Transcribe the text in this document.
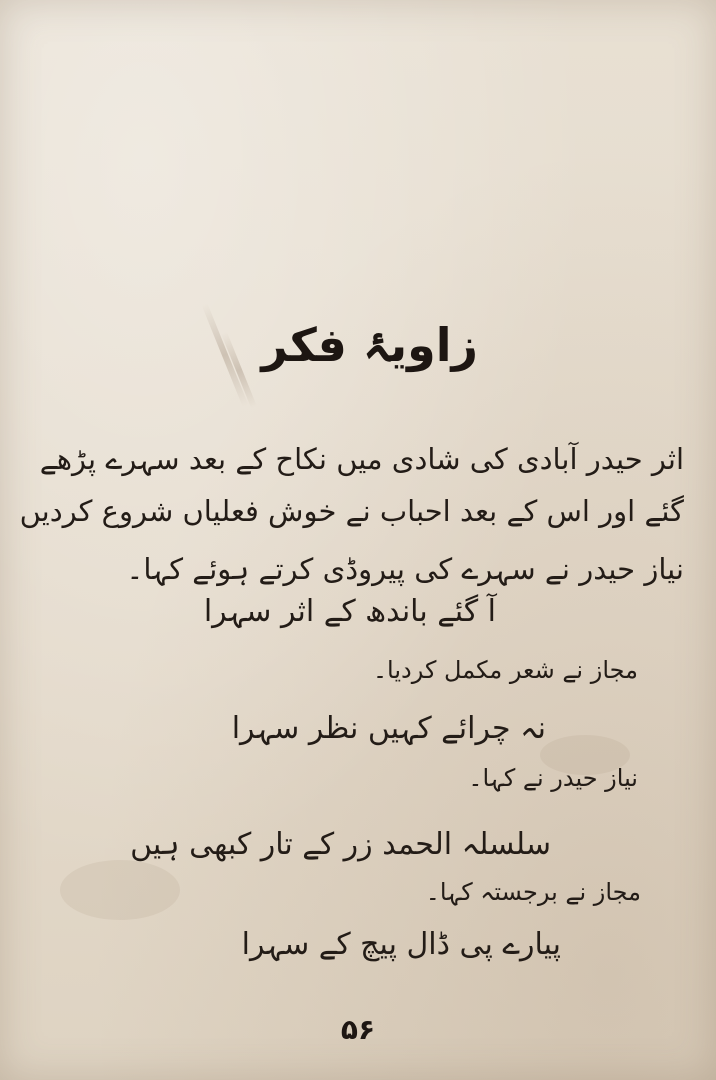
زاویۂ فکر
اثر حیدر آبادی کی شادی میں نکاح کے بعد سہرے پڑھے
گئے اور اس کے بعد احباب نے خوش فعلیاں شروع کردیں
نیاز حیدر نے سہرے کی پیروڈی کرتے ہوئے کہا۔
آ گئے باندھ کے اثر سہرا
مجاز نے شعر مکمل کردیا۔
نہ چرائے کہیں نظر سہرا
نیاز حیدر نے کہا۔
سلسلہ الحمد زر کے تار کبھی ہیں
مجاز نے برجستہ کہا۔
پیارے پی ڈال پیچ کے سہرا
۵۶
